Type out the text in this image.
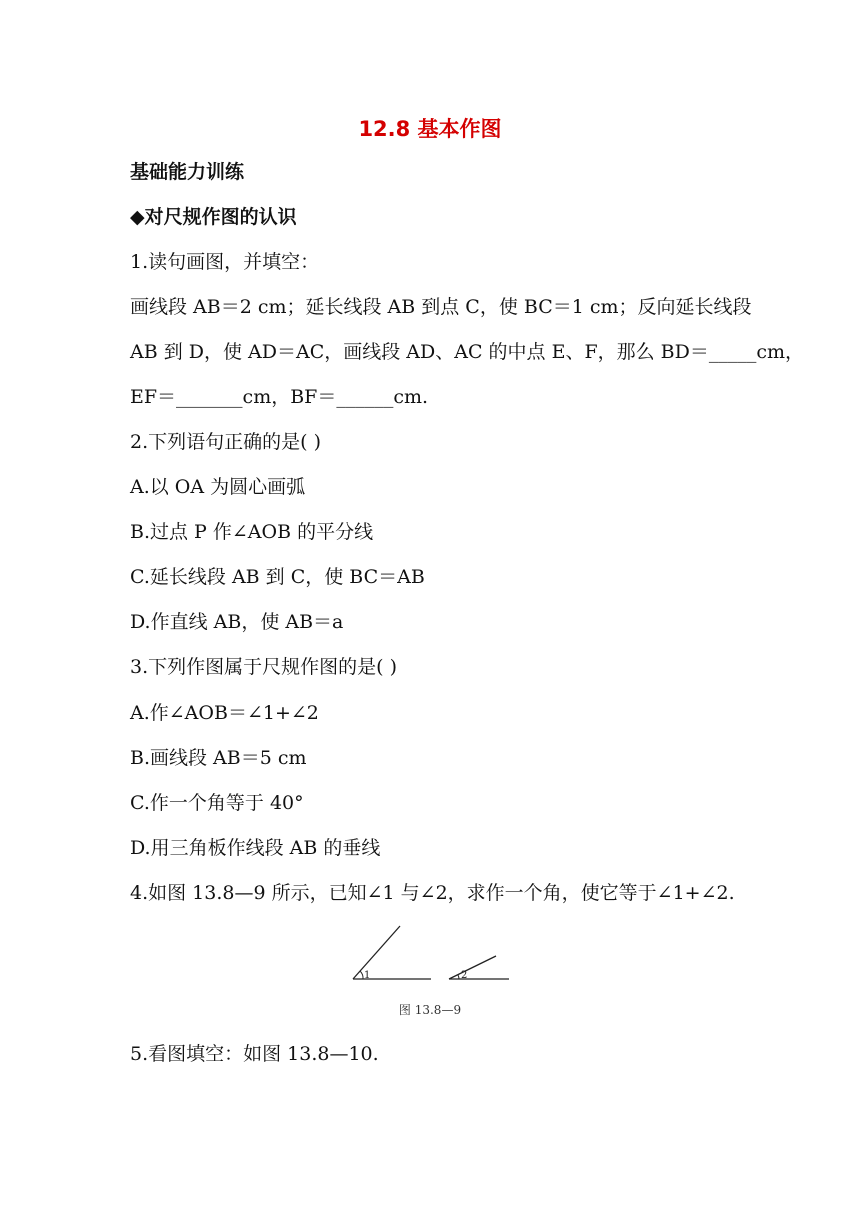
12.8 基本作图
基础能力训练
◆对尺规作图的认识
1.读句画图，并填空：
画线段 AB＝2 cm；延长线段 AB 到点 C，使 BC＝1 cm；反向延长线段
AB 到 D，使 AD＝AC，画线段 AD、AC 的中点 E、F，那么 BD＝_____cm，
EF＝_______cm，BF＝______cm.
2.下列语句正确的是( )
A.以 OA 为圆心画弧
B.过点 P 作∠AOB 的平分线
C.延长线段 AB 到 C，使 BC＝AB
D.作直线 AB，使 AB＝a
3.下列作图属于尺规作图的是( )
A.作∠AOB＝∠1+∠2
B.画线段 AB＝5 cm
C.作一个角等于 40°
D.用三角板作线段 AB 的垂线
4.如图 13.8—9 所示，已知∠1 与∠2，求作一个角，使它等于∠1+∠2.
1	2
图 13.8—9
5.看图填空：如图 13.8—10.
